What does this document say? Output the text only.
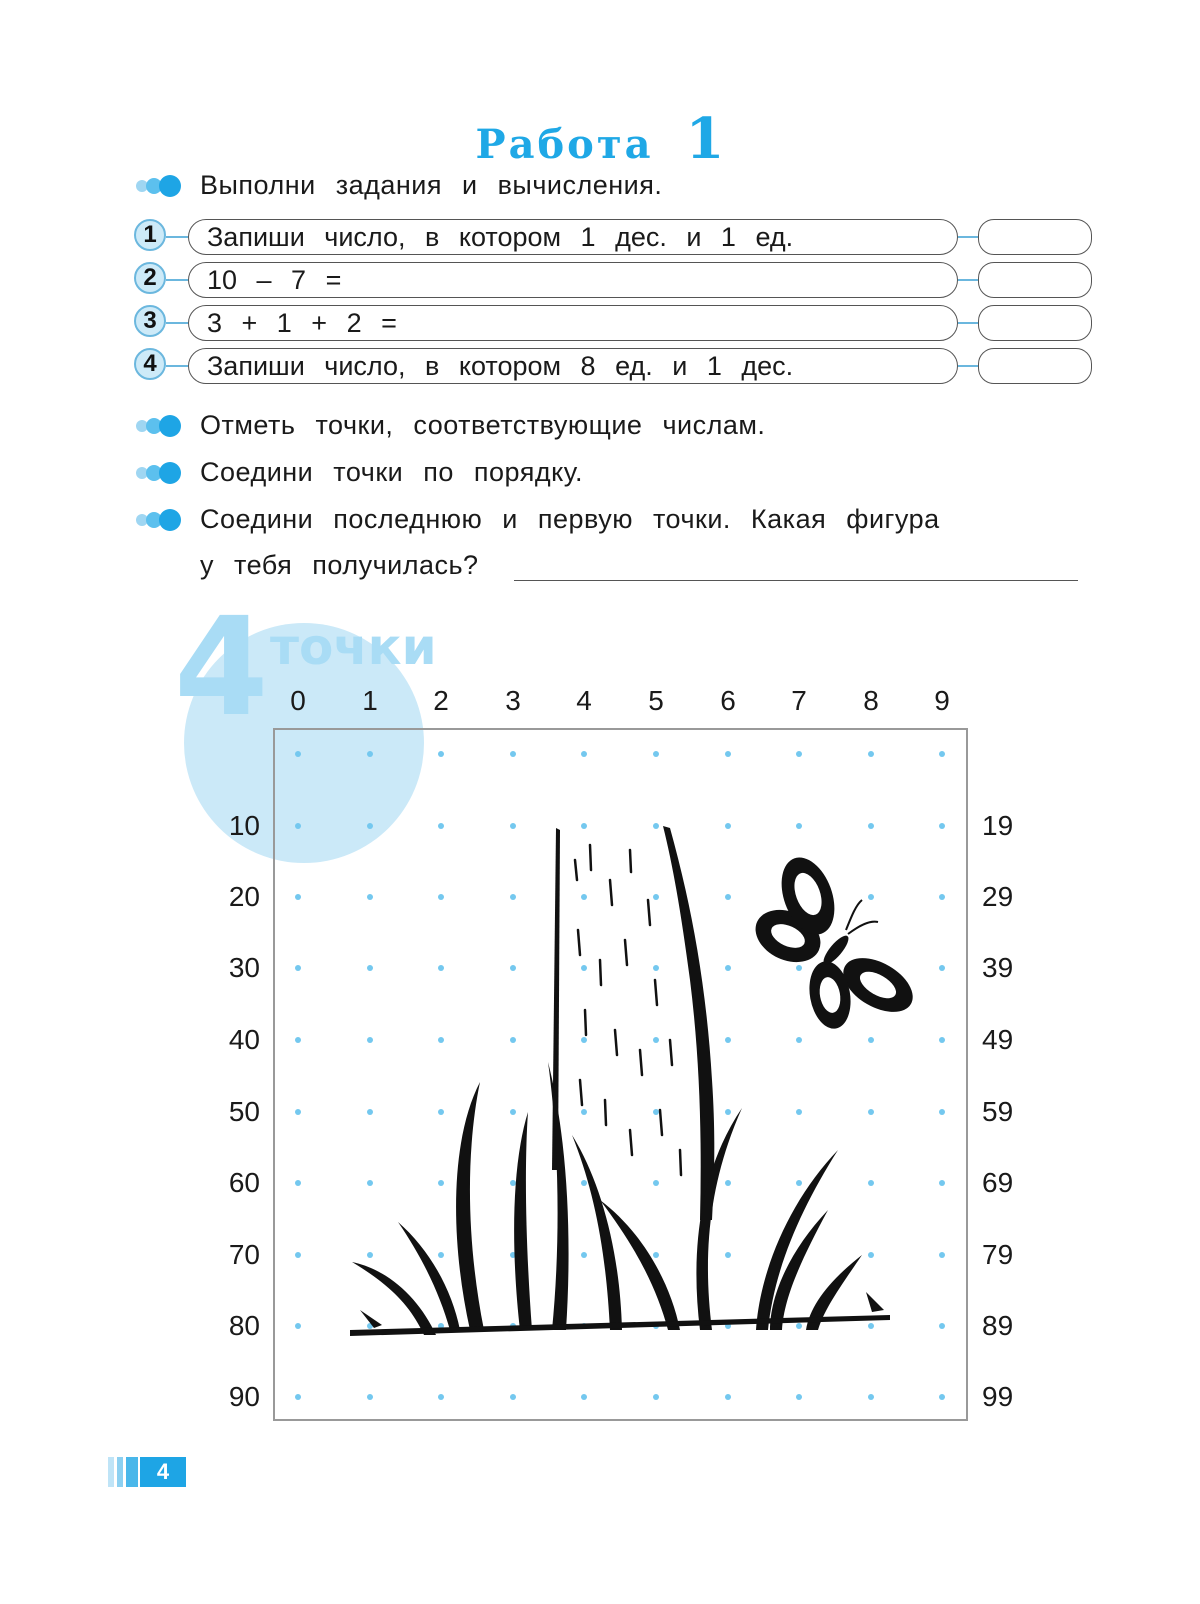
Работа 1
Выполни задания и вычисления.
1	Запиши число, в котором 1 дес. и 1 ед.
2	10 – 7 =
3	3 + 1 + 2 =
4	Запиши число, в котором 8 ед. и 1 дес.
Отметь точки, соответствующие числам.
Соедини точки по порядку.
Соедини последнюю и первую точки. Какая фигура
у тебя получилась?
4 точки
0	1	2	3	4	5	6	7	8	9
10
20
30
40
50
60
70
80
90
19
29
39
49
59
69
79
89
99
4
